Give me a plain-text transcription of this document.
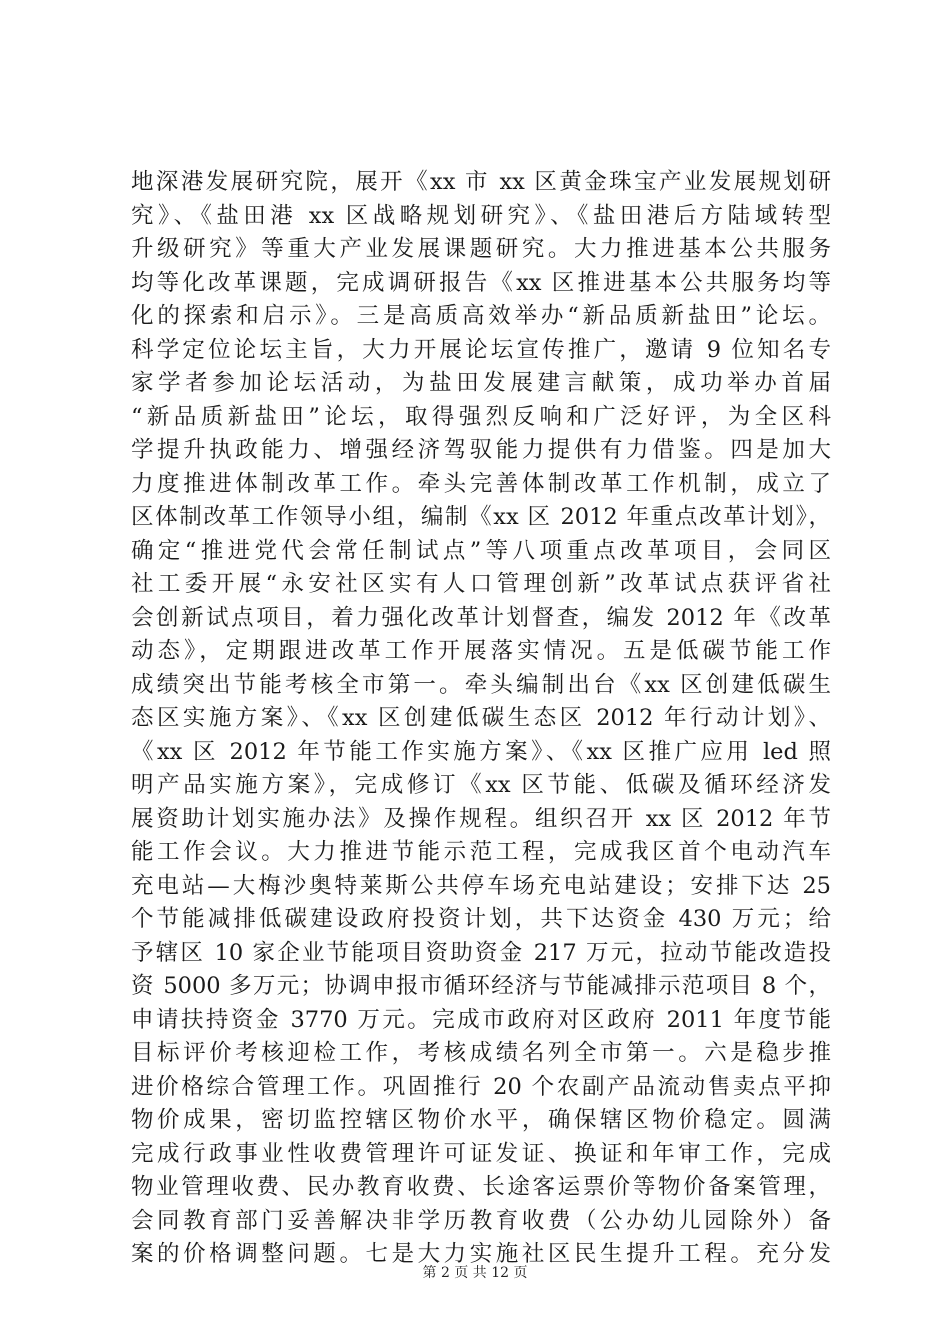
地深港发展研究院，展开《xx 市 xx 区黄金珠宝产业发展规划研
究》、《盐田港 xx 区战略规划研究》、《盐田港后方陆域转型
升级研究》等重大产业发展课题研究。大力推进基本公共服务
均等化改革课题，完成调研报告《xx 区推进基本公共服务均等
化的探索和启示》。三是高质高效举办“新品质新盐田”论坛。
科学定位论坛主旨，大力开展论坛宣传推广，邀请 9 位知名专
家学者参加论坛活动，为盐田发展建言献策，成功举办首届
“新品质新盐田”论坛，取得强烈反响和广泛好评，为全区科
学提升执政能力、增强经济驾驭能力提供有力借鉴。四是加大
力度推进体制改革工作。牵头完善体制改革工作机制，成立了
区体制改革工作领导小组，编制《xx 区 2012 年重点改革计划》，
确定“推进党代会常任制试点”等八项重点改革项目，会同区
社工委开展“永安社区实有人口管理创新”改革试点获评省社
会创新试点项目，着力强化改革计划督查，编发 2012 年《改革
动态》，定期跟进改革工作开展落实情况。五是低碳节能工作
成绩突出节能考核全市第一。牵头编制出台《xx 区创建低碳生
态区实施方案》、《xx 区创建低碳生态区 2012 年行动计划》、
《xx 区 2012 年节能工作实施方案》、《xx 区推广应用 led 照
明产品实施方案》，完成修订《xx 区节能、低碳及循环经济发
展资助计划实施办法》及操作规程。组织召开 xx 区 2012 年节
能工作会议。大力推进节能示范工程，完成我区首个电动汽车
充电站—大梅沙奥特莱斯公共停车场充电站建设；安排下达 25
个节能减排低碳建设政府投资计划，共下达资金 430 万元；给
予辖区 10 家企业节能项目资助资金 217 万元，拉动节能改造投
资 5000 多万元；协调申报市循环经济与节能减排示范项目 8 个，
申请扶持资金 3770 万元。完成市政府对区政府 2011 年度节能
目标评价考核迎检工作，考核成绩名列全市第一。六是稳步推
进价格综合管理工作。巩固推行 20 个农副产品流动售卖点平抑
物价成果，密切监控辖区物价水平，确保辖区物价稳定。圆满
完成行政事业性收费管理许可证发证、换证和年审工作，完成
物业管理收费、民办教育收费、长途客运票价等物价备案管理，
会同教育部门妥善解决非学历教育收费（公办幼儿园除外）备
案的价格调整问题。七是大力实施社区民生提升工程。充分发
第 2 页 共 12 页
